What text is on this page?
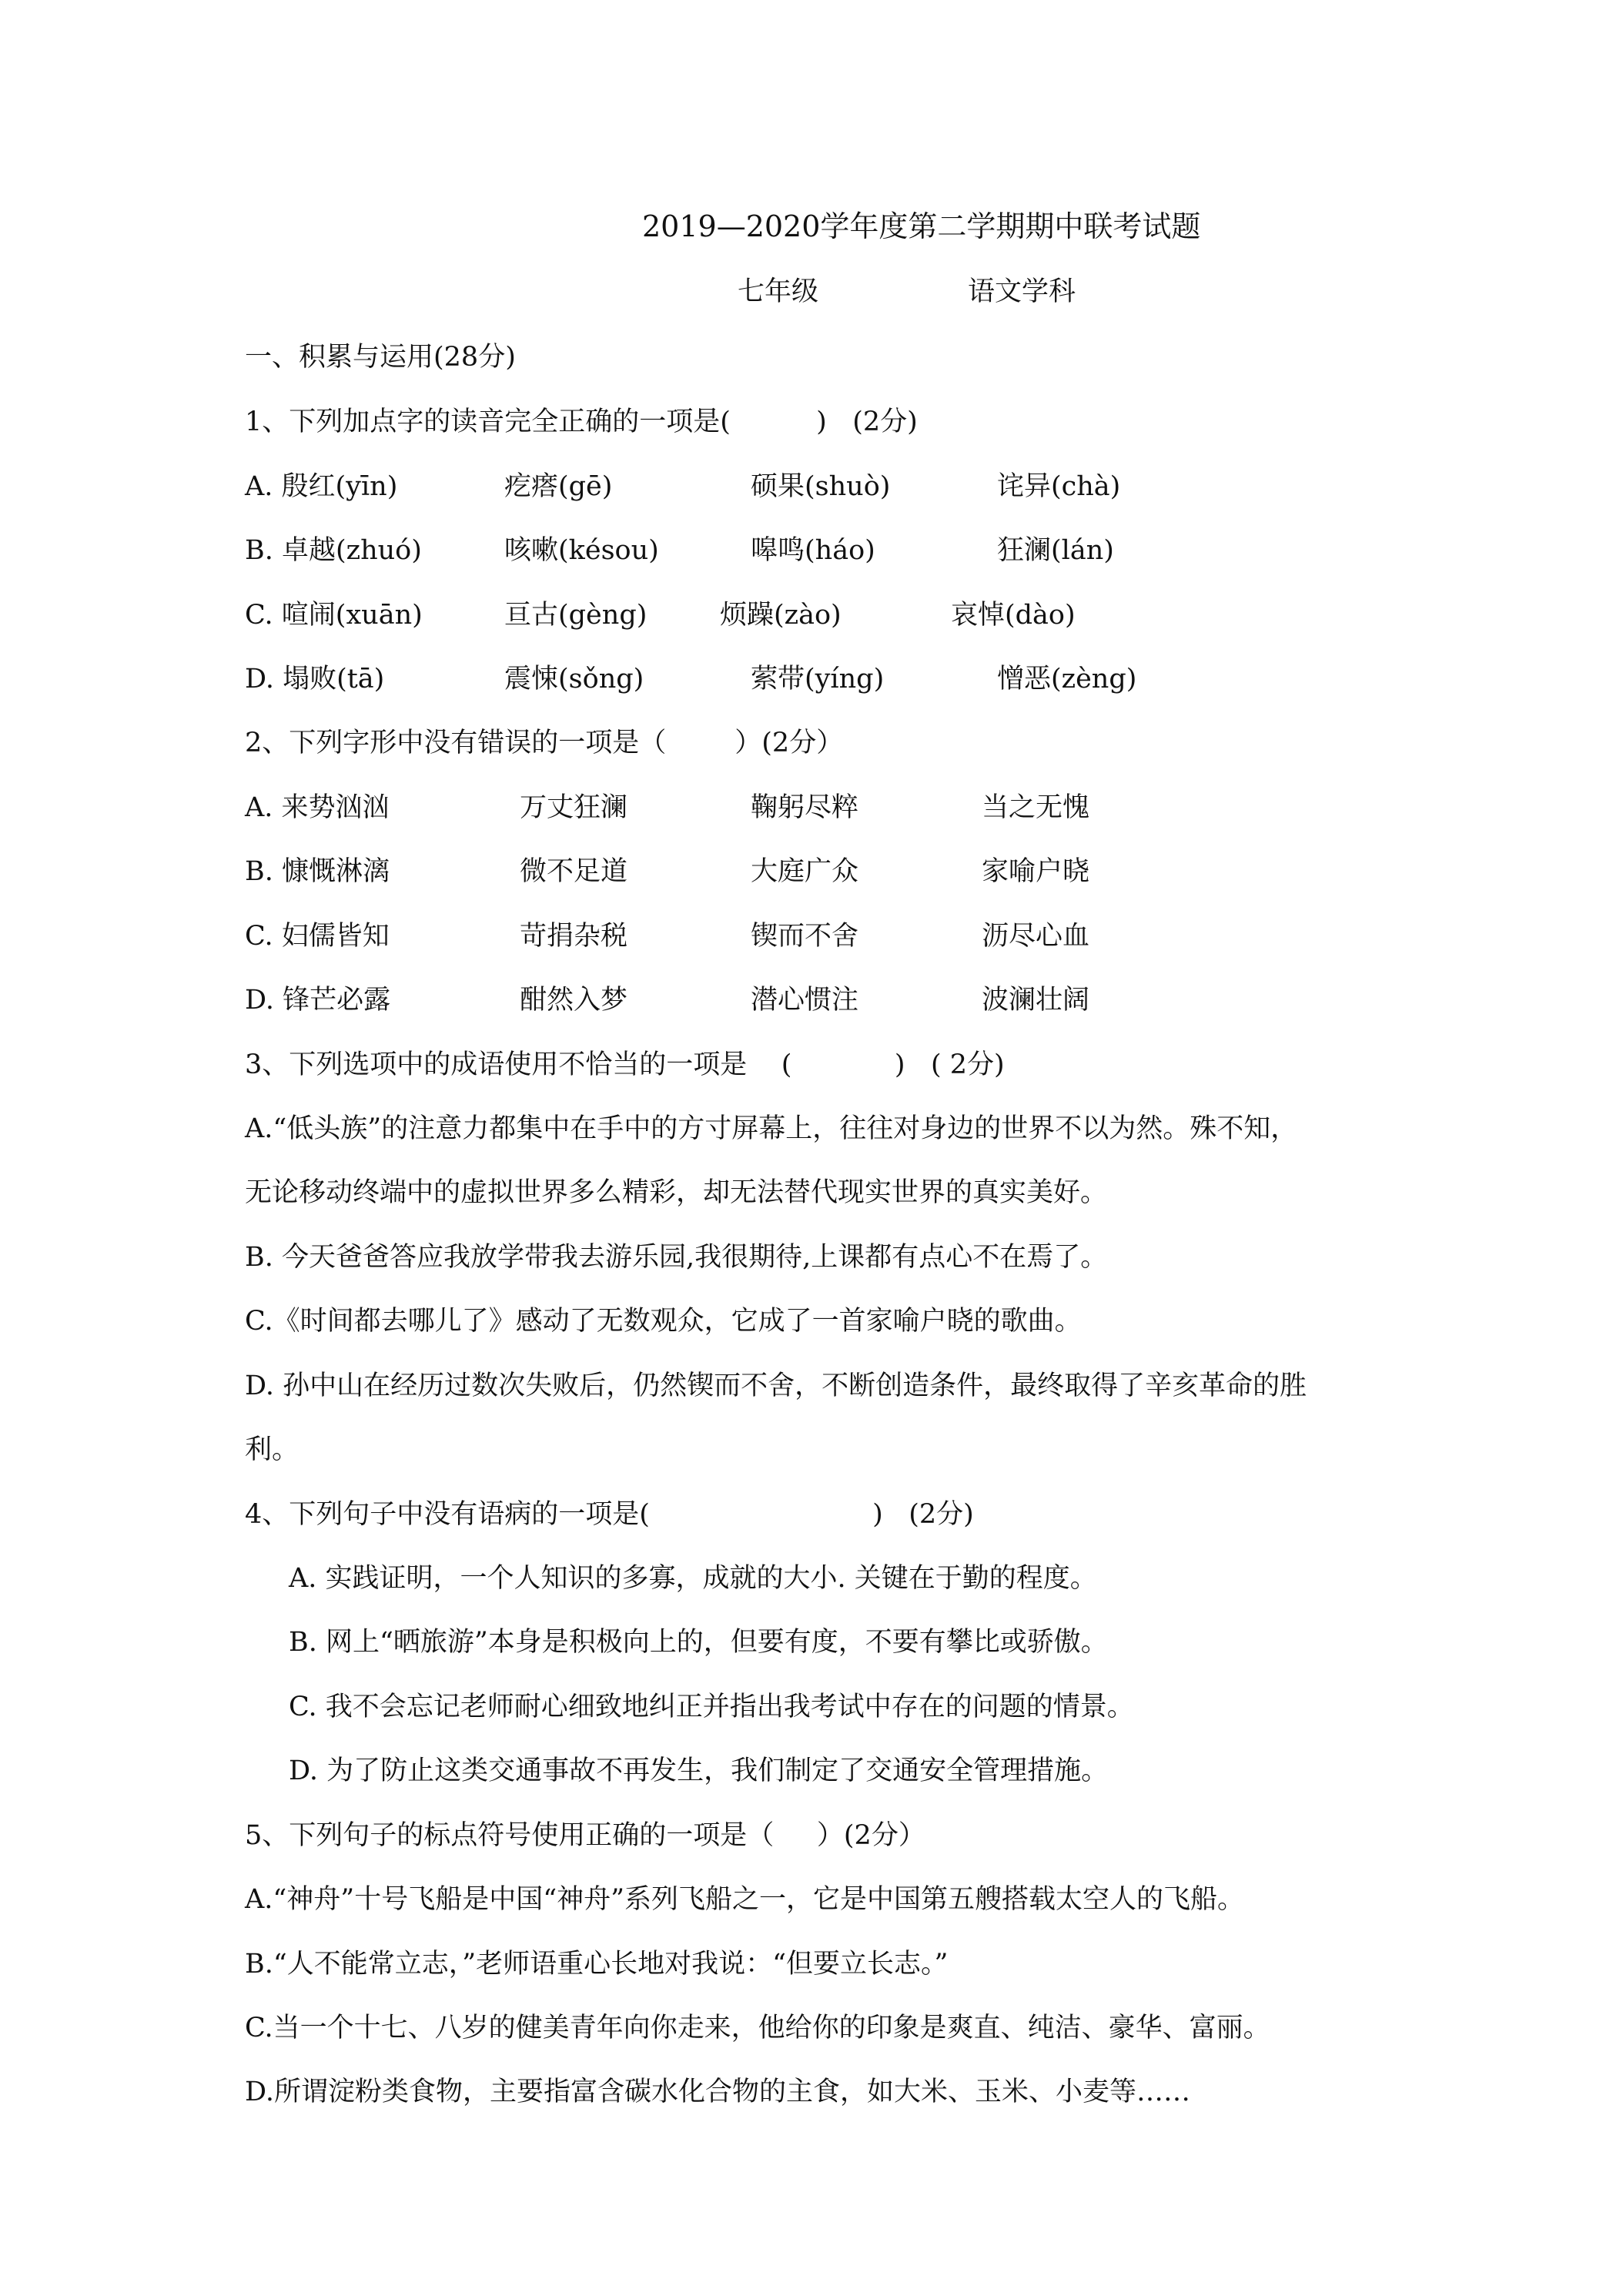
2019—2020学年度第二学期期中联考试题
七年级	语文学科
一、积累与运用(28分)
1、下列加点字的读音完全正确的一项是(          )   (2分)
A. 殷红(yīn)	疙瘩(gē)	硕果(shuò)	诧异(chà)
B. 卓越(zhuó)	咳嗽(késou)	嗥鸣(háo)	狂澜(lán)
C. 喧闹(xuān)	亘古(gèng)	烦躁(zào)	哀悼(dào)
D. 塌败(tā)	震悚(sǒng)	萦带(yíng)	憎恶(zèng)
2、下列字形中没有错误的一项是（        ）(2分）
A. 来势汹汹	万丈狂澜	鞠躬尽粹	当之无愧
B. 慷慨淋漓	微不足道	大庭广众	家喻户晓
C. 妇儒皆知	苛捐杂税	锲而不舍	沥尽心血
D. 锋芒必露	酣然入梦	潜心惯注	波澜壮阔
3、下列选项中的成语使用不恰当的一项是    (            )   ( 2分)
A.“低头族”的注意力都集中在手中的方寸屏幕上，往往对身边的世界不以为然。殊不知，
无论移动终端中的虚拟世界多么精彩，却无法替代现实世界的真实美好。
B. 今天爸爸答应我放学带我去游乐园,我很期待,上课都有点心不在焉了。
C.《时间都去哪儿了》感动了无数观众，它成了一首家喻户晓的歌曲。
D. 孙中山在经历过数次失败后，仍然锲而不舍，不断创造条件，最终取得了辛亥革命的胜
利。
4、下列句子中没有语病的一项是(                          )   (2分)
A. 实践证明，一个人知识的多寡，成就的大小. 关键在于勤的程度。
B. 网上“晒旅游”本身是积极向上的，但要有度，不要有攀比或骄傲。
C. 我不会忘记老师耐心细致地纠正并指出我考试中存在的问题的情景。
D. 为了防止这类交通事故不再发生，我们制定了交通安全管理措施。
5、下列句子的标点符号使用正确的一项是（     ）(2分）
A.“神舟”十号飞船是中国“神舟”系列飞船之一，它是中国第五艘搭载太空人的飞船。
B.“人不能常立志，”老师语重心长地对我说：“但要立长志。”
C.当一个十七、八岁的健美青年向你走来，他给你的印象是爽直、纯洁、豪华、富丽。
D.所谓淀粉类食物，主要指富含碳水化合物的主食，如大米、玉米、小麦等……
